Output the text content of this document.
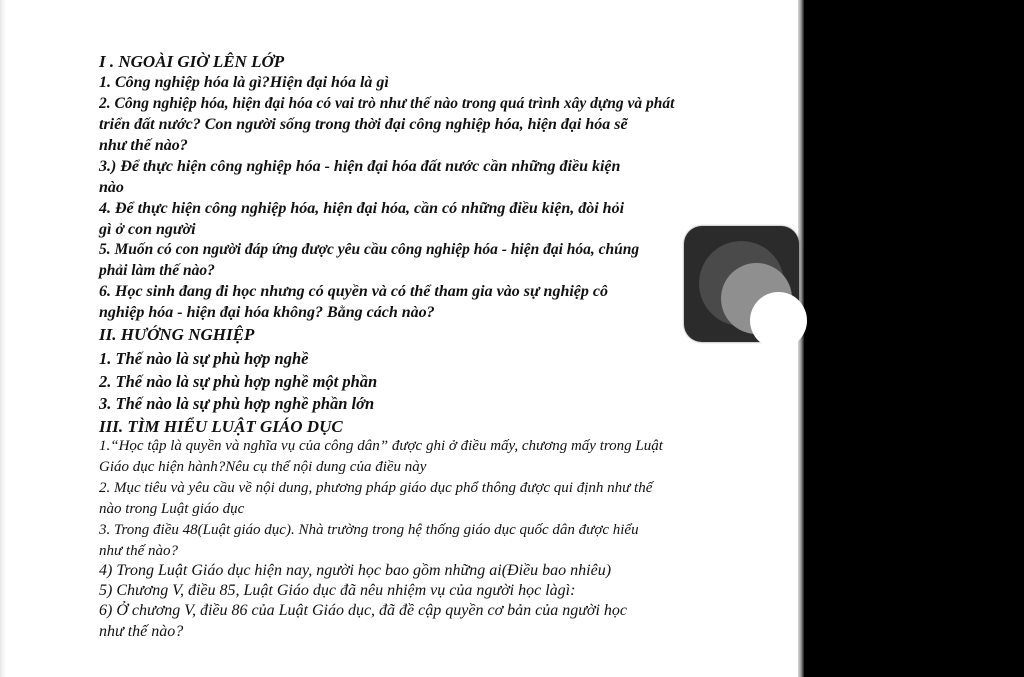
I . NGOÀI GIỜ LÊN LỚP

1. Công nghiệp hóa là gì?Hiện đại hóa là gì

2. Công nghiệp hóa, hiện đại hóa có vai trò như thế nào trong quá trình xây dựng và phát

triển đất nước? Con người sống trong thời đại công nghiệp hóa, hiện đại hóa sẽ

như thế nào?

3.) Để thực hiện công nghiệp hóa - hiện đại hóa đất nước cần những điều kiện

nào

4. Để thực hiện công nghiệp hóa, hiện đại hóa, cần có những điều kiện, đòi hỏi

gì ở con người

5. Muốn có con người đáp ứng được yêu cầu công nghiệp hóa - hiện đại hóa, chúng

phải làm thế nào?

6. Học sinh đang đi học nhưng có quyền và có thể tham gia vào sự nghiệp cô

nghiệp hóa - hiện đại hóa không? Bằng cách nào?

II. HƯỚNG NGHIỆP

1. Thế nào là sự phù hợp nghề

2. Thế nào là sự phù hợp nghề một phần

3. Thế nào là sự phù hợp nghề phần lớn

III. TÌM HIỂU LUẬT GIÁO DỤC

1.“Học tập là quyền và nghĩa vụ của công dân” được ghi ở điều mấy, chương mấy trong Luật

Giáo dục hiện hành?Nêu cụ thể nội dung của điều này

2. Mục tiêu và yêu cầu về nội dung, phương pháp giáo dục phổ thông được qui định như thế

nào trong Luật giáo dục

3. Trong điều 48(Luật giáo dục). Nhà trường trong hệ thống giáo dục quốc dân được hiểu

như thế nào?

4) Trong Luật Giáo dục hiện nay, người học bao gồm những ai(Điều bao nhiêu)

5) Chương V, điều 85, Luật Giáo dục đã nêu nhiệm vụ của người học làgì:

6) Ở chương V, điều 86 của Luật Giáo dục, đã đề cập quyền cơ bản của người học

như thế nào?
